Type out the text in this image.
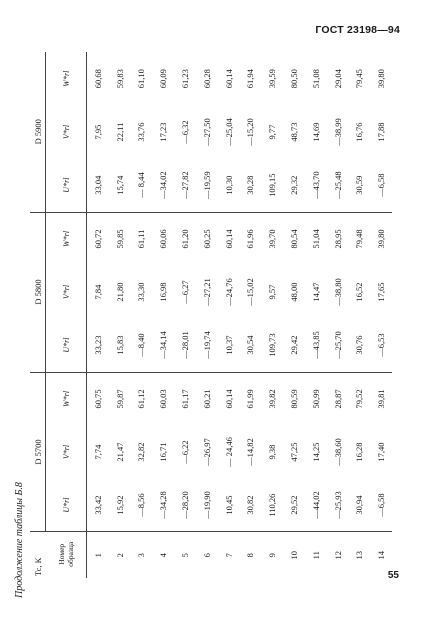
ГОСТ 23198—94
Продолжение таблицы Б.8 Tc, К	D 5700			D 5800			D 5900		
Номер образца	U*rl	V*rl	W*rl	U*rl	V*rl	W*rl	U*rl	V*rl	W*rl
1	33,42	7,74	60,75	33,23	7,84	60,72	33,04	7,95	60,68
2	15,92	21,47	59,87	15,83	21,80	59,85	15,74	22,11	59,83
3	—8,56	32,82	61,12	—8,40	33,30	61,11	— 8,44	33,76	61,10
4	—34,28	16,71	60,03	—34,14	16,98	60,06	—34,02	17,23	60,09
5	—28,20	—6,22	61,17	—28,01	—6,27	61,20	—27,82	—6,32	61,23
6	—19,90	—26,97	60,21	—19,74	—27,21	60,25	—19,59	—27,50	60,28
7	10,45	— 24,46	60,14	10,37	—24,76	60,14	10,30	—25,04	60,14
8	30,82	—14,82	61,99	30,54	—15,02	61,96	30,28	—15,20	61,94
9	110,26	9,38	39,82	109,73	9,57	39,70	109,15	9,77	39,59
10	29,52	47,25	80,59	29,42	48,00	80,54	29,32	48,73	80,50
11	—44,02	14,25	50,99	—43,85	14,47	51,04	—43,70	14,69	51,08
12	—25,93	—38,60	28,87	—25,70	—38,80	28,95	—25,48	—38,99	29,04
13	30,94	16,28	79,52	30,76	16,52	79,48	30,59	16,76	79,45
14	—6,58	17,40	39,81	—6,53	17,65	39,80	—6,58	17,88	39,80
55
